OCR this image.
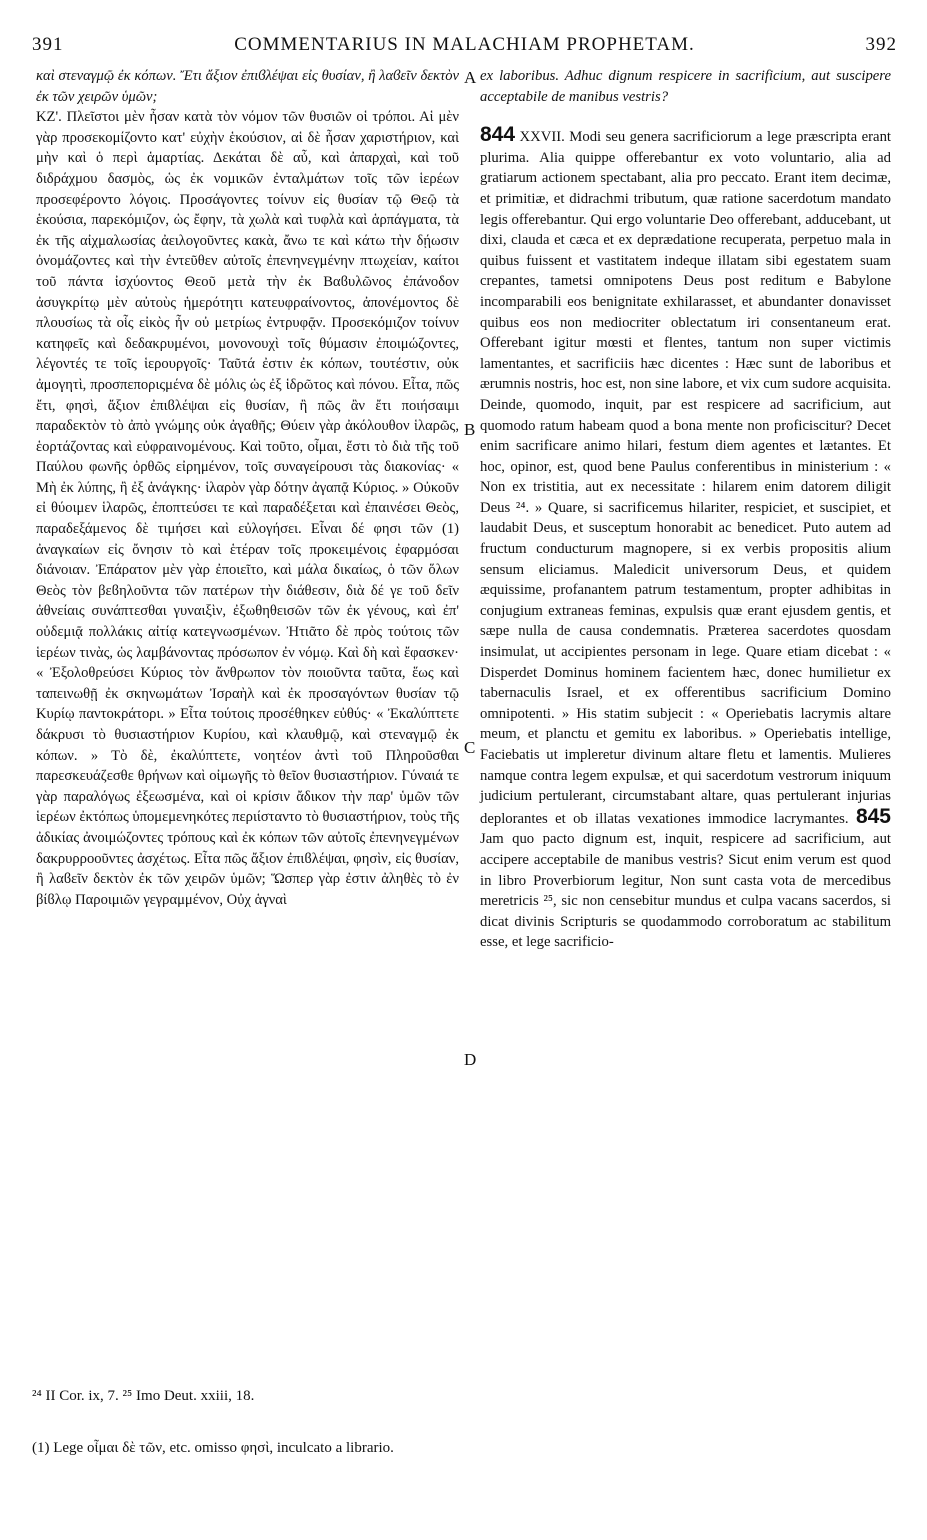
391	COMMENTARIUS IN MALACHIAM PROPHETAM.	392

καὶ στεναγμῷ ἐκ κόπων. Ἔτι ἄξιον ἐπιϐλέψαι εἰς θυσίαν, ἢ λαϐεῖν δεκτὸν ἐκ τῶν χειρῶν ὑμῶν;

ΚΖ'. Πλεῖστοι μὲν ἦσαν κατὰ τὸν νόμον τῶν θυσιῶν οἱ τρόποι. Αἱ μὲν γὰρ προσεκομίζοντο κατ' εὐχὴν ἑκούσιον, αἱ δὲ ἦσαν χαριστήριον, καὶ μὴν καὶ ὁ περὶ ἁμαρτίας. Δεκάται δὲ αὖ, καὶ ἀπαρχαὶ, καὶ τοῦ διδράχμου δασμὸς, ὡς ἐκ νομικῶν ἐνταλμάτων τοῖς τῶν ἱερέων προσεφέροντο λόγοις. Προσάγοντες τοίνυν εἰς θυσίαν τῷ Θεῷ τὰ ἑκούσια, παρεκόμιζον, ὡς ἔφην, τὰ χωλὰ καὶ τυφλὰ καὶ ἁρπάγματα, τὰ ἐκ τῆς αἰχμαλωσίας ἀειλογοῦντες κακὰ, ἄνω τε καὶ κάτω τὴν δῄωσιν ὀνομάζοντες καὶ τὴν ἐντεῦθεν αὐτοῖς ἐπενηνεγμένην πτωχείαν, καίτοι τοῦ πάντα ἰσχύοντος Θεοῦ μετὰ τὴν ἐκ Βαϐυλῶνος ἐπάνοδον ἀσυγκρίτῳ μὲν αὐτοὺς ἡμερότητι κατευφραίνοντος, ἀπονέμοντος δὲ πλουσίως τὰ οἷς εἰκὸς ἦν οὐ μετρίως ἐντρυφᾷν. Προσεκόμιζον τοίνυν κατηφεῖς καὶ δεδακρυμένοι, μονονουχὶ τοῖς θύμασιν ἐποιμώζοντες, λέγοντές τε τοῖς ἱερουργοῖς· Ταῦτά ἐστιν ἐκ κόπων, τουτέστιν, οὐκ ἀμογητὶ, προσπεποριςμένα δὲ μόλις ὡς ἐξ ἱδρῶτος καὶ πόνου. Εἶτα, πῶς ἔτι, φησὶ, ἄξιον ἐπιϐλέψαι εἰς θυσίαν, ἢ πῶς ἂν ἔτι ποιήσαιμι παραδεκτὸν τὸ ἀπὸ γνώμης οὐκ ἀγαθῆς; Θύειν γὰρ ἀκόλουθον ἱλαρῶς, ἑορτάζοντας καὶ εὐφραινομένους. Καὶ τοῦτο, οἶμαι, ἔστι τὸ διὰ τῆς τοῦ Παύλου φωνῆς ὀρθῶς εἰρημένον, τοῖς συναγείρουσι τὰς διακονίας· « Μὴ ἐκ λύπης, ἢ ἐξ ἀνάγκης· ἱλαρὸν γὰρ δότην ἀγαπᾷ Κύριος. » Οὐκοῦν εἰ θύοιμεν ἱλαρῶς, ἐποπτεύσει τε καὶ παραδέξεται καὶ ἐπαινέσει Θεὸς, παραδεξάμενος δὲ τιμήσει καὶ εὐλογήσει. Εἶναι δέ φησι τῶν (1) ἀναγκαίων εἰς ὄνησιν τὸ καὶ ἑτέραν τοῖς προκειμένοις ἐφαρμόσαι διάνοιαν. Ἐπάρατον μὲν γὰρ ἐποιεῖτο, καὶ μάλα δικαίως, ὁ τῶν ὅλων Θεὸς τὸν βεϐηλοῦντα τῶν πατέρων τὴν διάθεσιν, διὰ δέ γε τοῦ δεῖν ἀθνείαις συνάπτεσθαι γυναιξὶν, ἐξωθηθεισῶν τῶν ἐκ γένους, καὶ ἐπ' οὐδεμιᾷ πολλάκις αἰτίᾳ κατεγνωσμένων. Ἠτιᾶτο δὲ πρὸς τούτοις τῶν ἱερέων τινὰς, ὡς λαμβάνοντας πρόσωπον ἐν νόμῳ. Καὶ δὴ καὶ ἔφασκεν· « Ἐξολοθρεύσει Κύριος τὸν ἄνθρωπον τὸν ποιοῦντα ταῦτα, ἕως καὶ ταπεινωθῇ ἐκ σκηνωμάτων Ἰσραὴλ καὶ ἐκ προσαγόντων θυσίαν τῷ Κυρίῳ παντοκράτορι. » Εἶτα τούτοις προσέθηκεν εὐθύς· « Ἐκαλύπτετε δάκρυσι τὸ θυσιαστήριον Κυρίου, καὶ κλαυθμῷ, καὶ στεναγμῷ ἐκ κόπων. » Τὸ δὲ, ἐκαλύπτετε, νοητέον ἀντὶ τοῦ Πληροῦσθαι παρεσκευάζεσθε θρήνων καὶ οἰμωγῆς τὸ θεῖον θυσιαστήριον. Γύναιά τε γὰρ παραλόγως ἐξεωσμένα, καὶ οἱ κρίσιν ἄδικον τὴν παρ' ὑμῶν τῶν ἱερέων ἐκτόπως ὑπομεμενηκότες περιίσταντο τὸ θυσιαστήριον, τοὺς τῆς ἀδικίας ἀνοιμώζοντες τρόπους καὶ ἐκ κόπων τῶν αὐτοῖς ἐπενηνεγμένων δακρυρροοῦντες ἀσχέτως. Εἶτα πῶς ἄξιον ἐπιϐλέψαι, φησὶν, εἰς θυσίαν, ἢ λαϐεῖν δεκτὸν ἐκ τῶν χειρῶν ὑμῶν; Ὥσπερ γὰρ ἐστιν ἀληθὲς τὸ ἐν βίϐλῳ Παροιμιῶν γεγραμμένον, Οὐχ ἁγναὶ

A
B
C
D

ex laboribus. Adhuc dignum respicere in sacrificium, aut suscipere acceptabile de manibus vestris?

844 XXVII. Modi seu genera sacrificiorum a lege præscripta erant plurima. Alia quippe offerebantur ex voto voluntario, alia ad gratiarum actionem spectabant, alia pro peccato. Erant item decimæ, et primitiæ, et didrachmi tributum, quæ ratione sacerdotum mandato legis offerebantur. Qui ergo voluntarie Deo offerebant, adducebant, ut dixi, clauda et cæca et ex deprædatione recuperata, perpetuo mala in quibus fuissent et vastitatem indeque illatam sibi egestatem suam crepantes, tametsi omnipotens Deus post reditum e Babylone incomparabili eos benignitate exhilarasset, et abundanter donavisset quibus eos non mediocriter oblectatum iri consentaneum erat. Offerebant igitur mœsti et flentes, tantum non super victimis lamentantes, et sacrificiis hæc dicentes : Hæc sunt de laboribus et ærumnis nostris, hoc est, non sine labore, et vix cum sudore acquisita. Deinde, quomodo, inquit, par est respicere ad sacrificium, aut quomodo ratum habeam quod a bona mente non proficiscitur? Decet enim sacrificare animo hilari, festum diem agentes et lætantes. Et hoc, opinor, est, quod bene Paulus conferentibus in ministerium : « Non ex tristitia, aut ex necessitate : hilarem enim datorem diligit Deus ²⁴. » Quare, si sacrificemus hilariter, respiciet, et suscipiet, et laudabit Deus, et susceptum honorabit ac benedicet. Puto autem ad fructum conducturum magnopere, si ex verbis propositis alium sensum eliciamus. Maledicit universorum Deus, et quidem æquissime, profanantem patrum testamentum, propter adhibitas in conjugium extraneas feminas, expulsis quæ erant ejusdem gentis, et sæpe nulla de causa condemnatis. Præterea sacerdotes quosdam insimulat, ut accipientes personam in lege. Quare etiam dicebat : « Disperdet Dominus hominem facientem hæc, donec humilietur ex tabernaculis Israel, et ex offerentibus sacrificium Domino omnipotenti. » His statim subjecit : « Operiebatis lacrymis altare meum, et planctu et gemitu ex laboribus. » Operiebatis intellige, Faciebatis ut impleretur divinum altare fletu et lamentis. Mulieres namque contra legem expulsæ, et qui sacerdotum vestrorum iniquum judicium pertulerant, circumstabant altare, quas pertulerant injurias deplorantes et ob illatas vexationes immodice lacrymantes. 845 Jam quo pacto dignum est, inquit, respicere ad sacrificium, aut accipere acceptabile de manibus vestris? Sicut enim verum est quod in libro Proverbiorum legitur, Non sunt casta vota de mercedibus meretricis ²⁵, sic non censebitur mundus et culpa vacans sacerdos, si dicat divinis Scripturis se quodammodo corroboratum ac stabilitum esse, et lege sacrificio-

²⁴ II Cor. ix, 7. ²⁵ Imo Deut. xxiii, 18.
(1) Lege οἶμαι δὲ τῶν, etc. omisso φησὶ, inculcato a librario.
